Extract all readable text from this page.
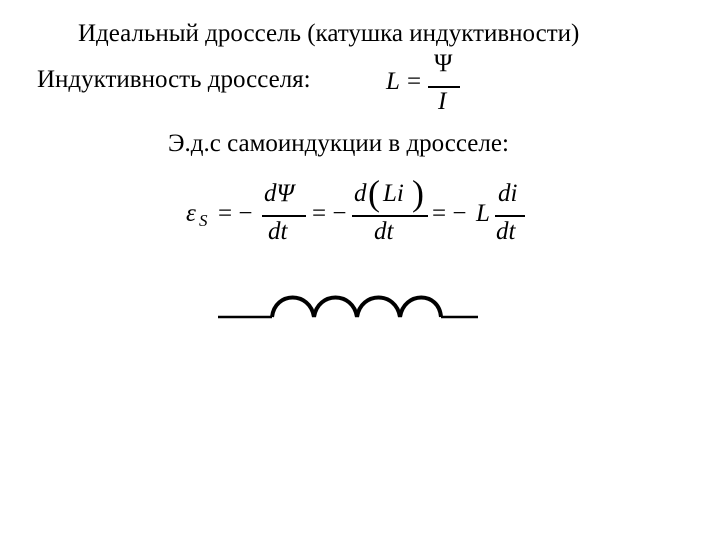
Идеальный дроссель (катушка индуктивности)
Индуктивность дросселя:	L =
Ψ
I
Э.д.с самоиндукции в дросселе:
ε S = −
dΨ
dt
= −
d ( Li )
dt
= − L
di
dt
